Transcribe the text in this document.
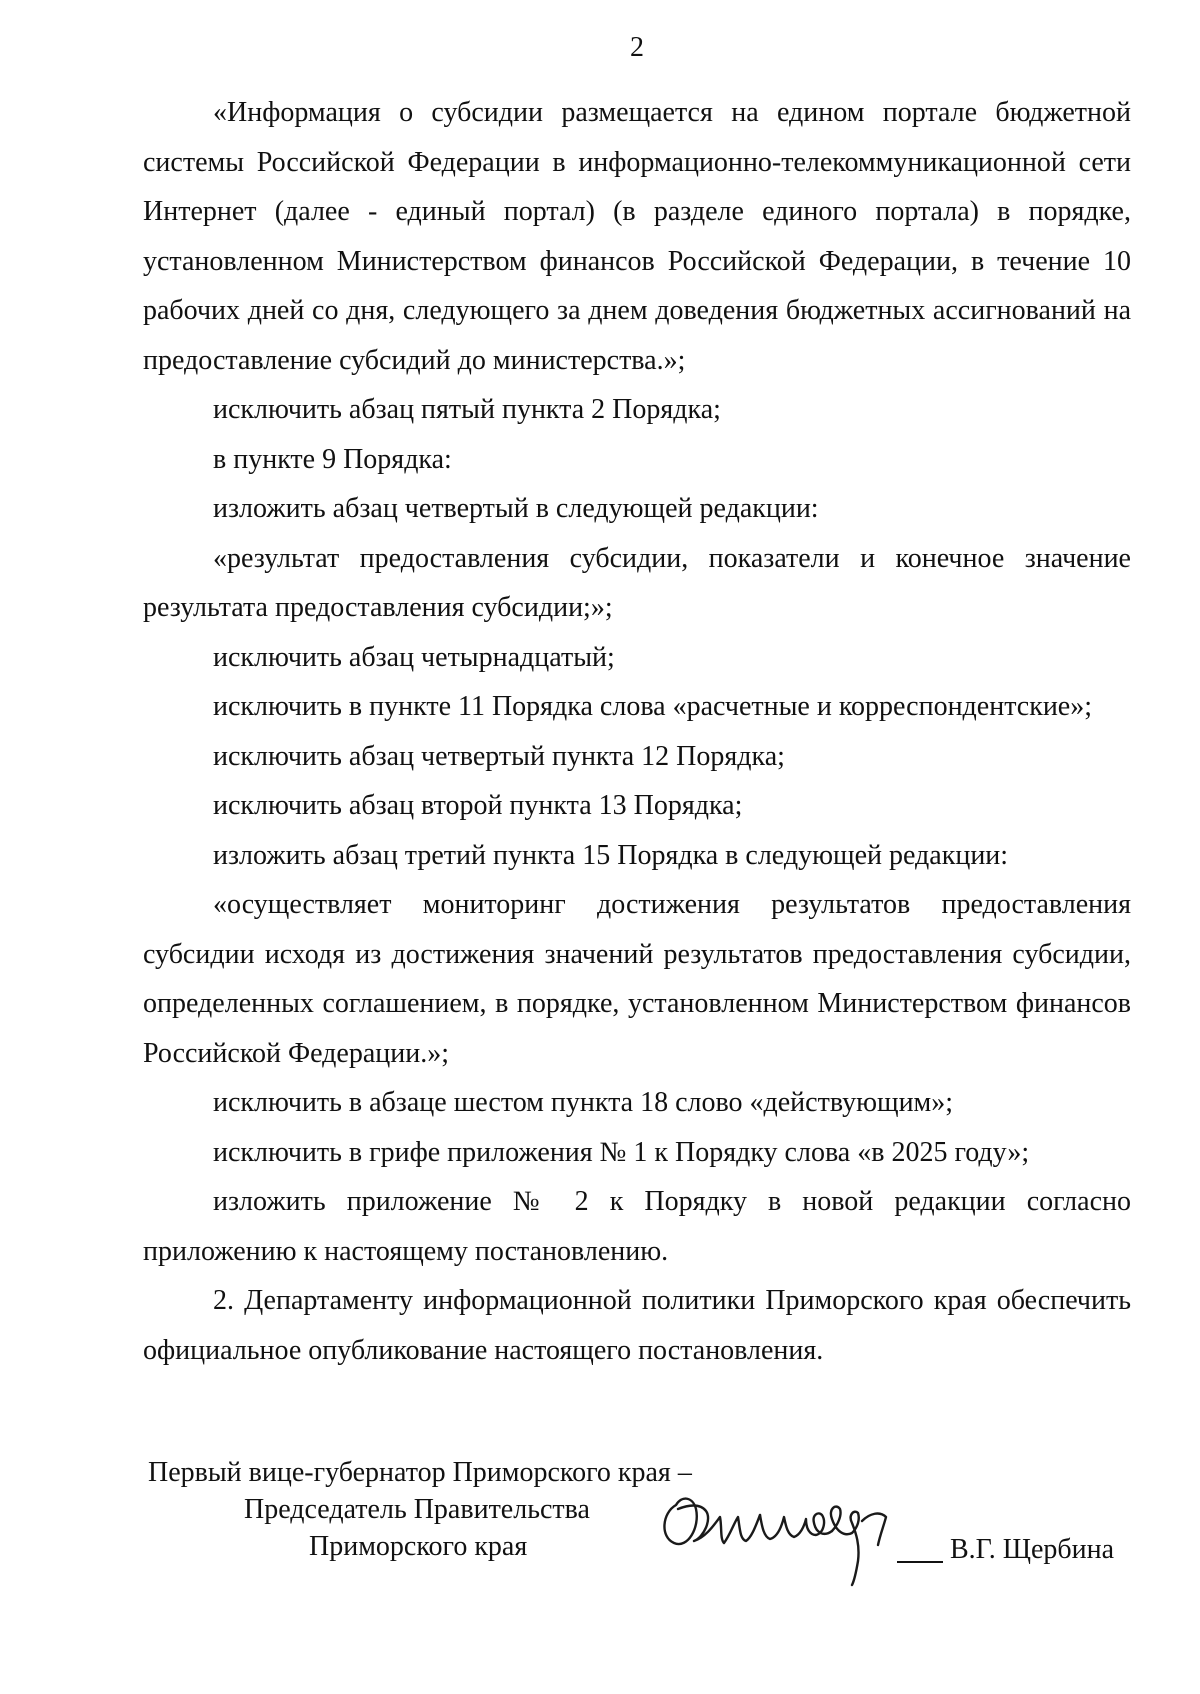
2

«Информация о субсидии размещается на едином портале бюджетной системы Российской Федерации в информационно-телекоммуникационной сети Интернет (далее - единый портал) (в разделе единого портала) в порядке, установленном Министерством финансов Российской Федерации, в течение 10 рабочих дней со дня, следующего за днем доведения бюджетных ассигнований на предоставление субсидий до министерства.»;

исключить абзац пятый пункта 2 Порядка;

в пункте 9 Порядка:

изложить абзац четвертый в следующей редакции:

«результат предоставления субсидии, показатели и конечное значение результата предоставления субсидии;»;

исключить абзац четырнадцатый;

исключить в пункте 11 Порядка слова «расчетные и корреспондентские»;

исключить абзац четвертый пункта 12 Порядка;

исключить абзац второй пункта 13 Порядка;

изложить абзац третий пункта 15 Порядка в следующей редакции:

«осуществляет мониторинг достижения результатов предоставления субсидии исходя из достижения значений результатов предоставления субсидии, определенных соглашением, в порядке, установленном Министерством финансов Российской Федерации.»;

исключить в абзаце шестом пункта 18 слово «действующим»;

исключить в грифе приложения № 1 к Порядку слова «в 2025 году»;

изложить приложение № 2 к Порядку в новой редакции согласно приложению к настоящему постановлению.

2. Департаменту информационной политики Приморского края обеспечить официальное опубликование настоящего постановления.

Первый вице-губернатор Приморского края –
Председатель Правительства
Приморского края	В.Г. Щербина
